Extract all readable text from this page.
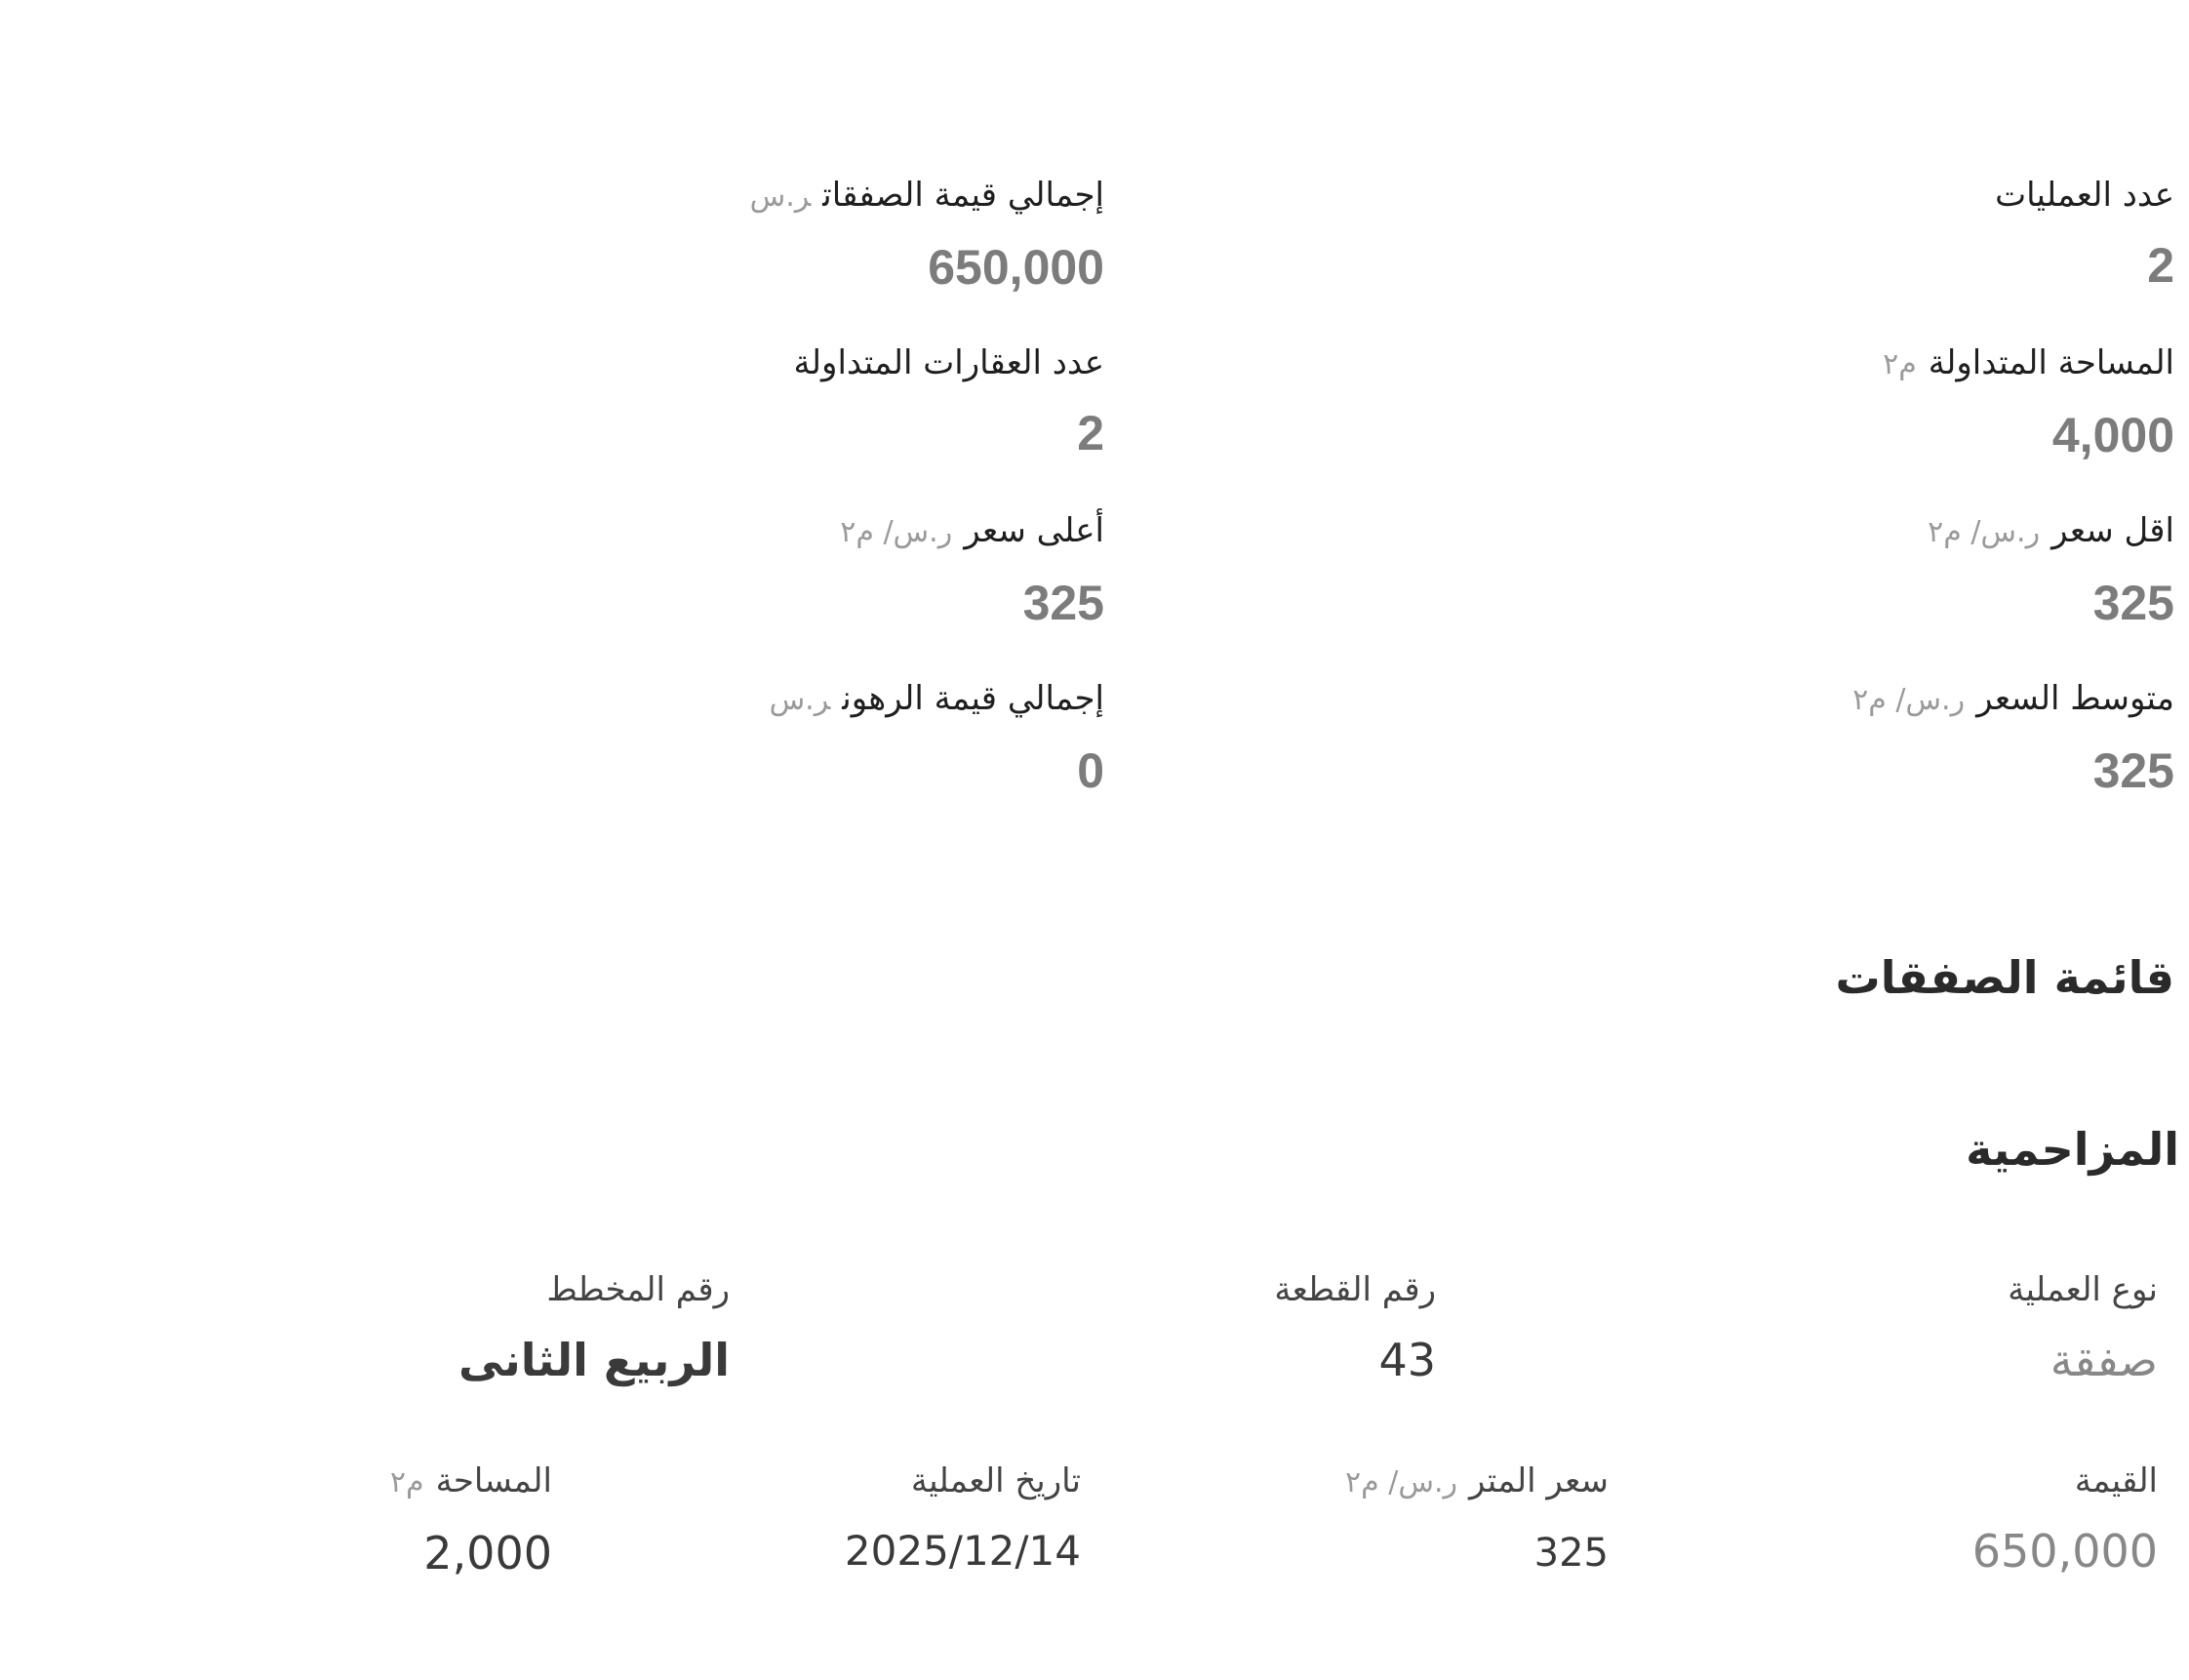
عدد العمليات
2
المساحة المتداولةم٢
4,000
اقل سعرر.س/ م٢
325
متوسط السعرر.س/ م٢
325
إجمالي قيمة الصفقاتر.س
650,000
عدد العقارات المتداولة
2
أعلى سعرر.س/ م٢
325
إجمالي قيمة الرهونر.س
0
قائمة الصفقات
المزاحمية
نوع العملية
صفقة
رقم القطعة
43
رقم المخطط
الربيع الثانى
القيمة
650,000
سعر المترر.س/ م٢
325
تاريخ العملية
2025/12/14
المساحةم٢
2,000
